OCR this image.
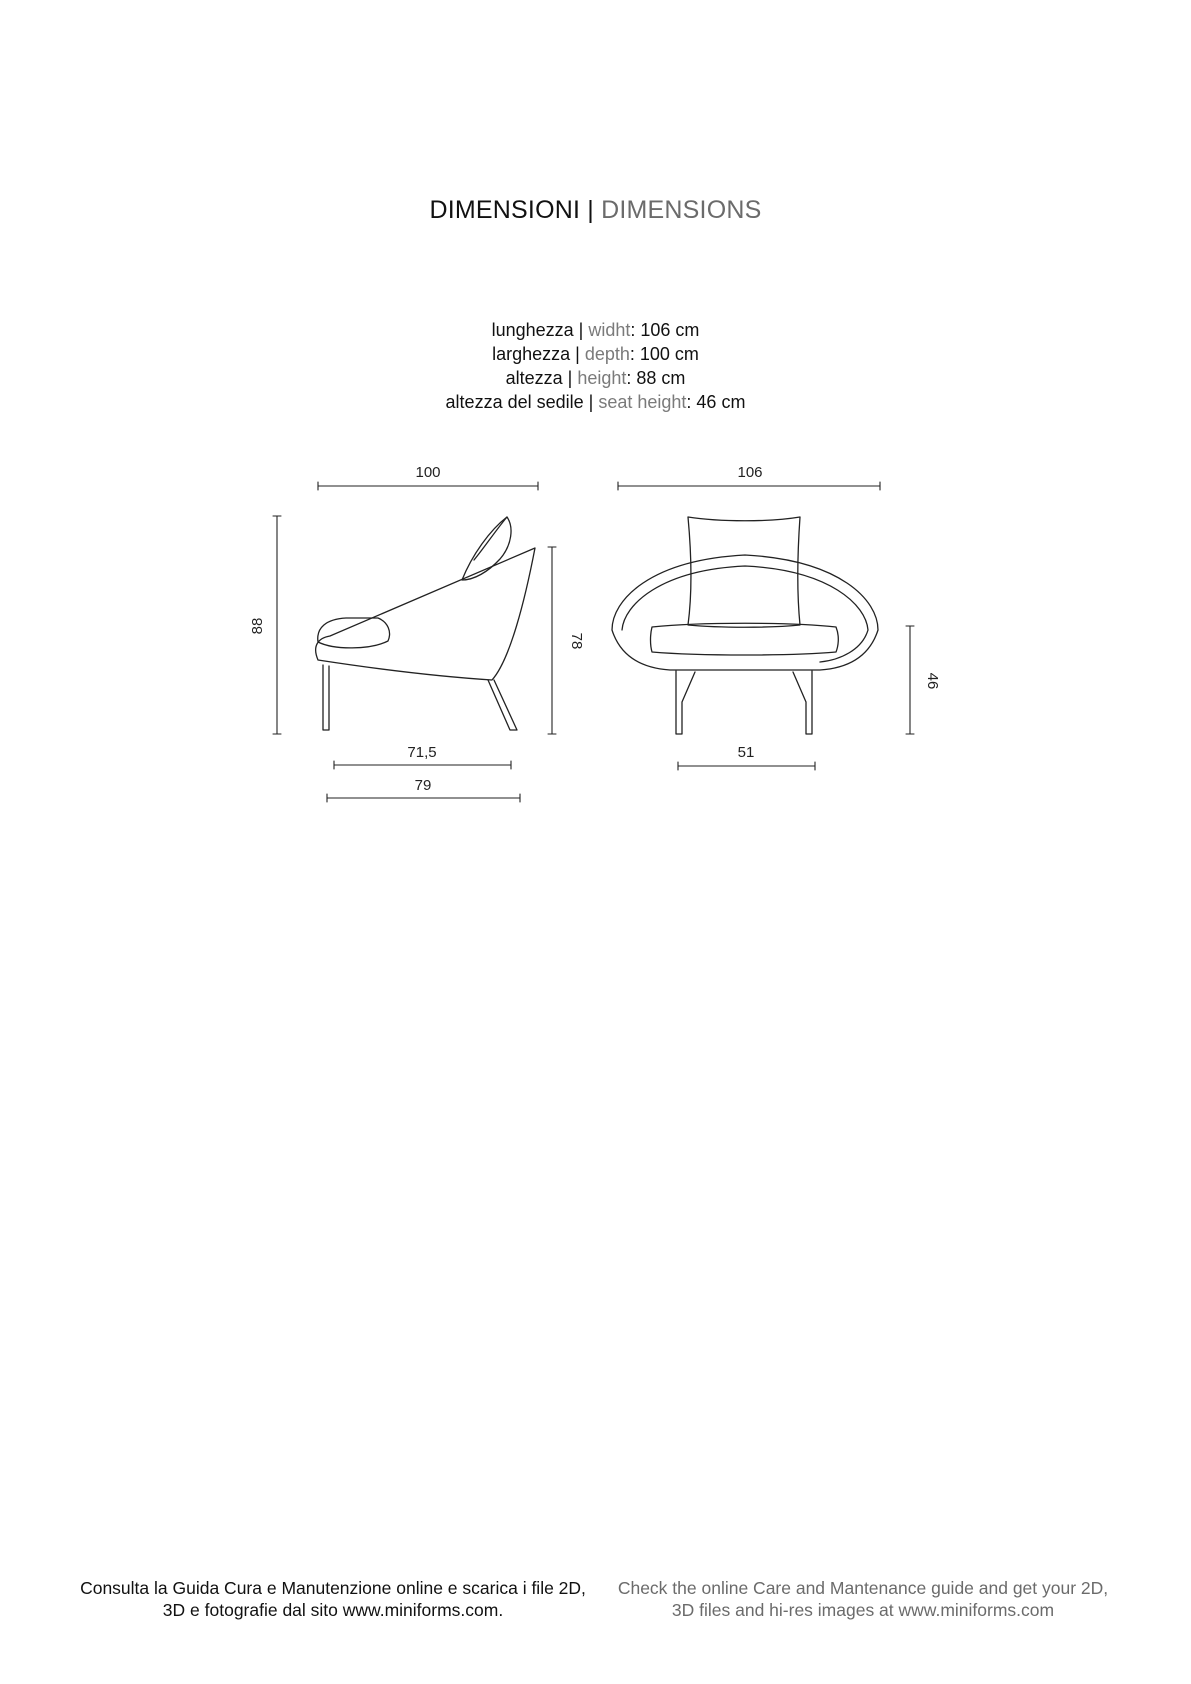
DIMENSIONI | DIMENSIONS
lunghezza | widht: 106 cm
larghezza | depth: 100 cm
altezza | height: 88 cm
altezza del sedile | seat height: 46 cm
100
88
78
71,5
79
106
51
46
Consulta la Guida Cura e Manutenzione online e scarica i file 2D, 3D e fotografie dal sito www.miniforms.com.
Check the online Care and Mantenance guide and get your 2D, 3D files and hi-res images at www.miniforms.com
